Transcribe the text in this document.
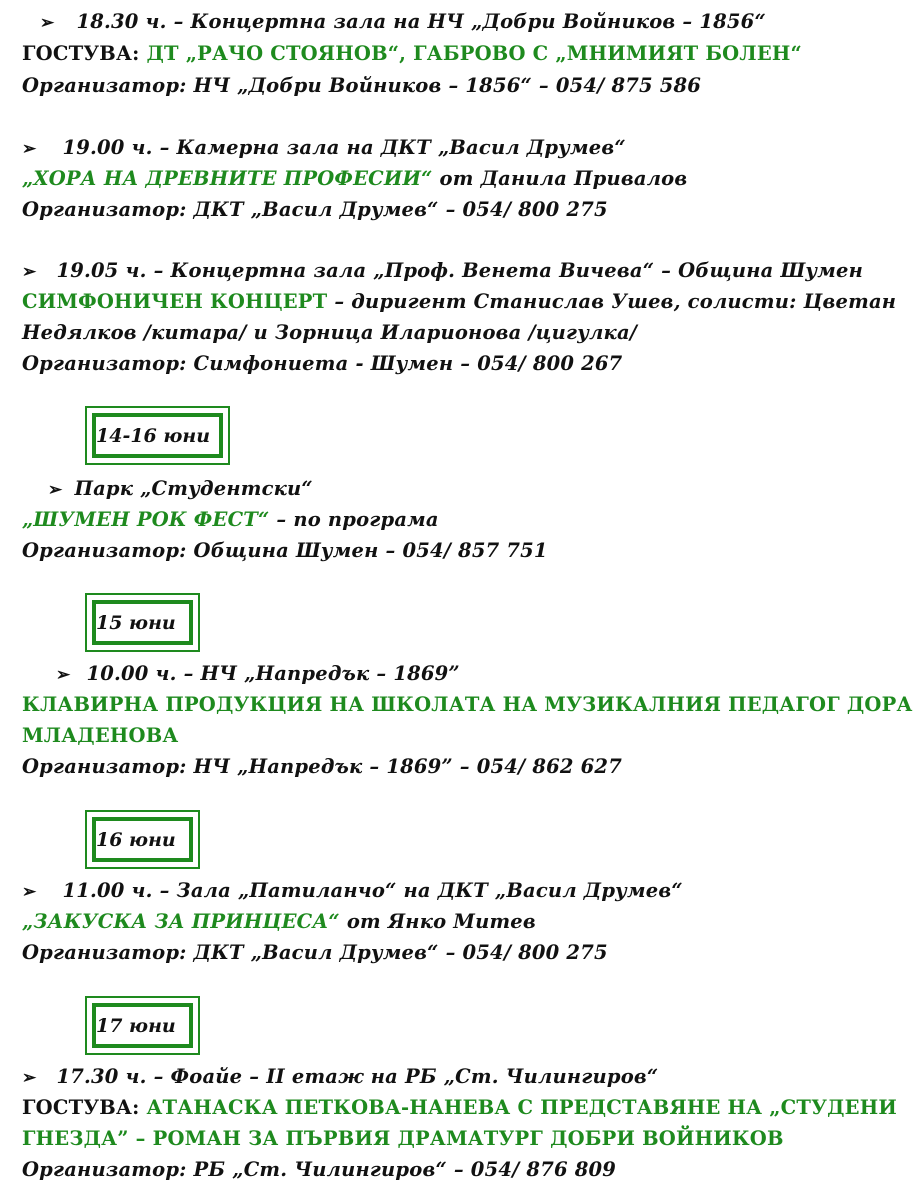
➢ 18.30 ч. – Концертна зала на НЧ „Добри Войников – 1856“
ГОСТУВА: ДТ „РАЧО СТОЯНОВ“, ГАБРОВО С „МНИМИЯТ БОЛЕН“
Организатор: НЧ „Добри Войников – 1856“ – 054/ 875 586
➢ 19.00 ч. – Камерна зала на ДКТ „Васил Друмев“
„ХОРА НА ДРЕВНИТЕ ПРОФЕСИИ“ от Данила Привалов
Организатор: ДКТ „Васил Друмев“ – 054/ 800 275
➢ 19.05 ч. – Концертна зала „Проф. Венета Вичева“ – Община Шумен
СИМФОНИЧЕН КОНЦЕРТ – диригент Станислав Ушев, солисти: Цветан
Недялков /китара/ и Зорница Иларионова /цигулка/
Организатор: Симфониета - Шумен – 054/ 800 267
14-16 юни
➢ Парк „Студентски“
„ШУМЕН РОК ФЕСТ“ – по програма
Организатор: Община Шумен – 054/ 857 751
15 юни
➢ 10.00 ч. – НЧ „Напредък – 1869”
КЛАВИРНА ПРОДУКЦИЯ НА ШКОЛАТА НА МУЗИКАЛНИЯ ПЕДАГОГ ДОРА
МЛАДЕНОВА
Организатор: НЧ „Напредък – 1869” – 054/ 862 627
16 юни
➢ 11.00 ч. – Зала „Патиланчо“ на ДКТ „Васил Друмев“
„ЗАКУСКА ЗА ПРИНЦЕСА“ от Янко Митев
Организатор: ДКТ „Васил Друмев“ – 054/ 800 275
17 юни
➢ 17.30 ч. – Фоайе – II етаж на РБ „Ст. Чилингиров“
ГОСТУВА: АТАНАСКА ПЕТКОВА-НАНЕВА С ПРЕДСТАВЯНЕ НА „СТУДЕНИ
ГНЕЗДА” – РОМАН ЗА ПЪРВИЯ ДРАМАТУРГ ДОБРИ ВОЙНИКОВ
Организатор: РБ „Ст. Чилингиров“ – 054/ 876 809
